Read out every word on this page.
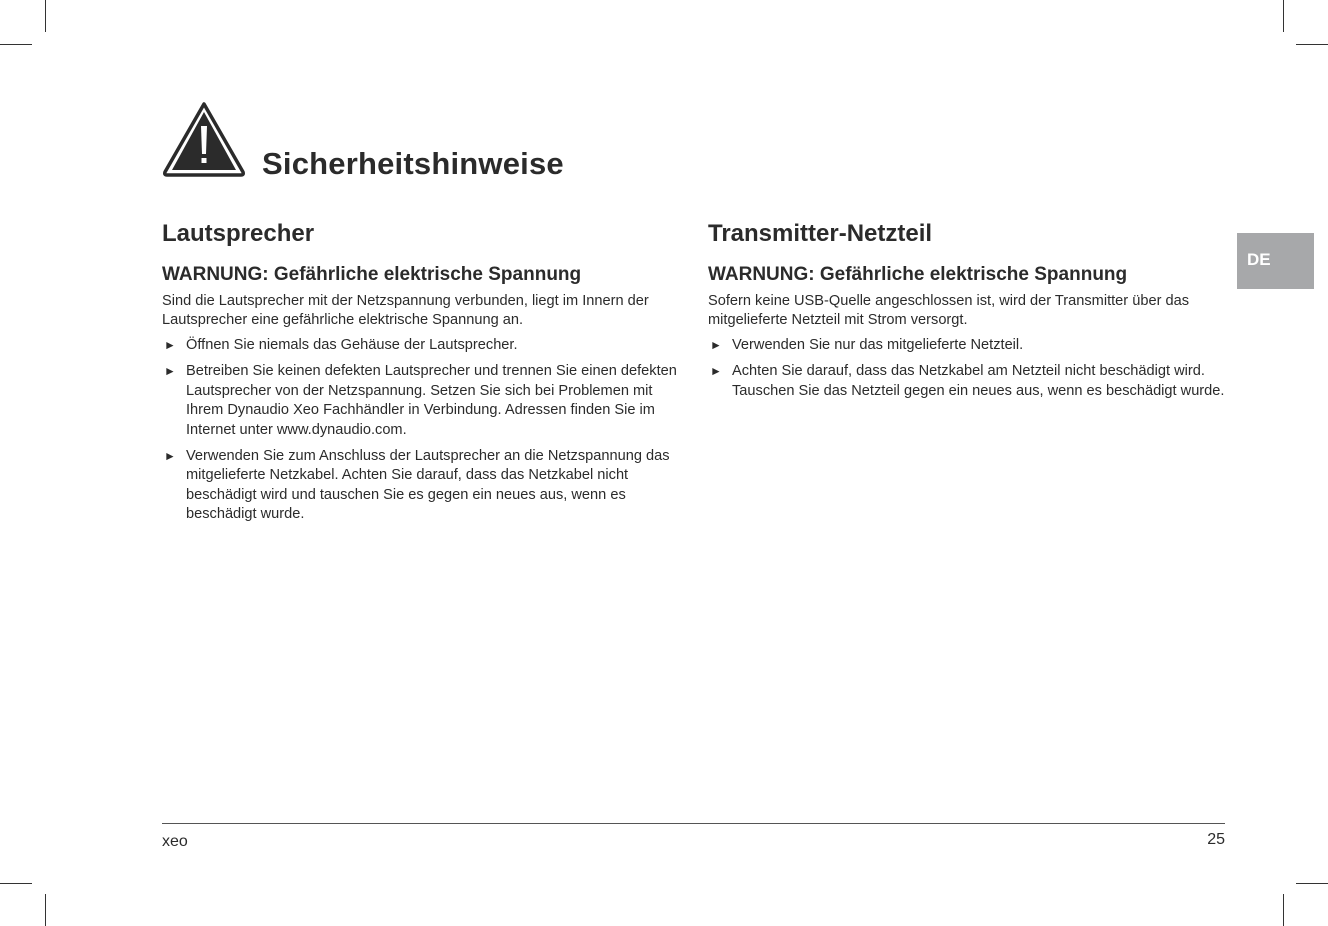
Sicherheitshinweise
Lautsprecher
WARNUNG: Gefährliche elektrische Spannung
Sind die Lautsprecher mit der Netzspannung verbunden, liegt im Innern der Lautsprecher eine gefährliche elektrische Spannung an.
► Öffnen Sie niemals das Gehäuse der Lautsprecher.
► Betreiben Sie keinen defekten Lautsprecher und trennen Sie einen defekten Lautsprecher von der Netzspannung. Setzen Sie sich bei Problemen mit Ihrem Dynaudio Xeo Fachhändler in Verbindung. Adressen finden Sie im Internet unter www.dynaudio.com.
► Verwenden Sie zum Anschluss der Lautsprecher an die Netzspannung das mitgelieferte Netzkabel. Achten Sie darauf, dass das Netzkabel nicht beschädigt wird und tauschen Sie es gegen ein neues aus, wenn es beschädigt wurde.
Transmitter-Netzteil
WARNUNG: Gefährliche elektrische Spannung
Sofern keine USB-Quelle angeschlossen ist, wird der Transmitter über das mitgelieferte Netzteil mit Strom versorgt.
► Verwenden Sie nur das mitgelieferte Netzteil.
► Achten Sie darauf, dass das Netzkabel am Netzteil nicht beschädigt wird. Tauschen Sie das Netzteil gegen ein neues aus, wenn es beschädigt wurde.
DE
xeo	25
